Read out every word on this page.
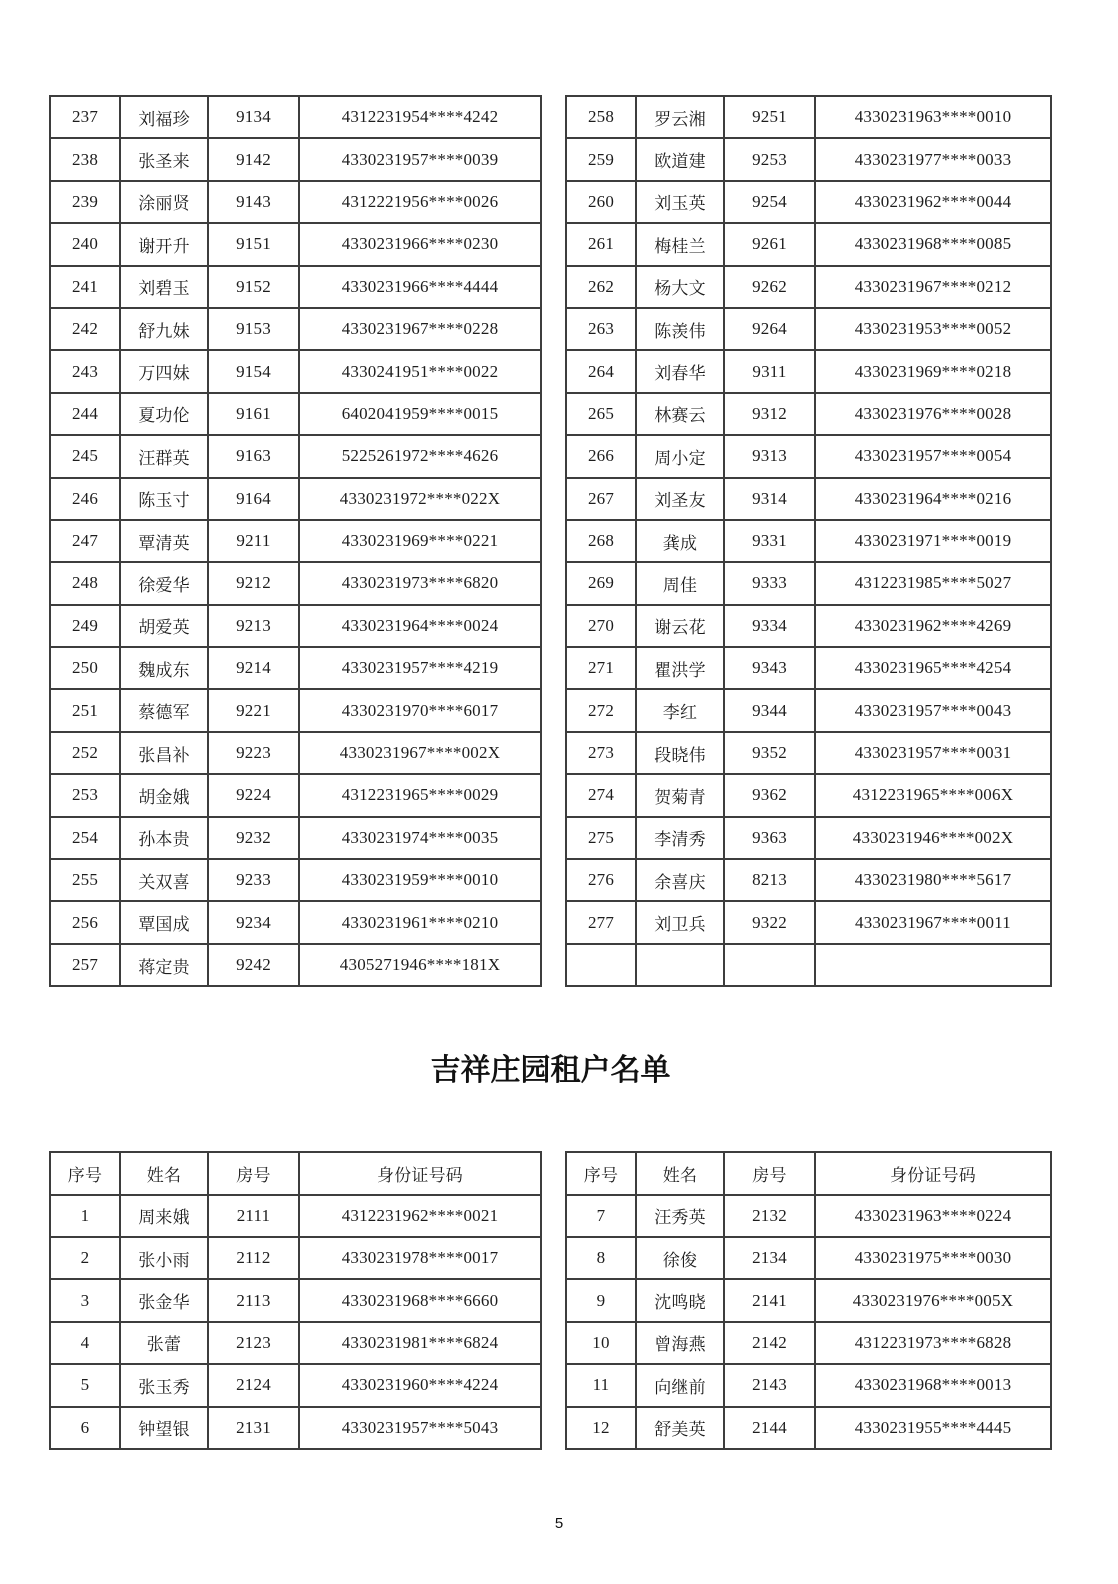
237	刘福珍	9134	4312231954****4242
238	张圣来	9142	4330231957****0039
239	涂丽贤	9143	4312221956****0026
240	谢开升	9151	4330231966****0230
241	刘碧玉	9152	4330231966****4444
242	舒九妹	9153	4330231967****0228
243	万四妹	9154	4330241951****0022
244	夏功伦	9161	6402041959****0015
245	汪群英	9163	5225261972****4626
246	陈玉寸	9164	4330231972****022X
247	覃清英	9211	4330231969****0221
248	徐爱华	9212	4330231973****6820
249	胡爱英	9213	4330231964****0024
250	魏成东	9214	4330231957****4219
251	蔡德军	9221	4330231970****6017
252	张昌补	9223	4330231967****002X
253	胡金娥	9224	4312231965****0029
254	孙本贵	9232	4330231974****0035
255	关双喜	9233	4330231959****0010
256	覃国成	9234	4330231961****0210
257	蒋定贵	9242	4305271946****181X
258	罗云湘	9251	4330231963****0010
259	欧道建	9253	4330231977****0033
260	刘玉英	9254	4330231962****0044
261	梅桂兰	9261	4330231968****0085
262	杨大文	9262	4330231967****0212
263	陈羡伟	9264	4330231953****0052
264	刘春华	9311	4330231969****0218
265	林赛云	9312	4330231976****0028
266	周小定	9313	4330231957****0054
267	刘圣友	9314	4330231964****0216
268	龚成	9331	4330231971****0019
269	周佳	9333	4312231985****5027
270	谢云花	9334	4330231962****4269
271	瞿洪学	9343	4330231965****4254
272	李红	9344	4330231957****0043
273	段晓伟	9352	4330231957****0031
274	贺菊青	9362	4312231965****006X
275	李清秀	9363	4330231946****002X
276	余喜庆	8213	4330231980****5617
277	刘卫兵	9322	4330231967****0011

吉祥庄园租户名单
序号	姓名	房号	身份证号码
1	周来娥	2111	4312231962****0021
2	张小雨	2112	4330231978****0017
3	张金华	2113	4330231968****6660
4	张蕾	2123	4330231981****6824
5	张玉秀	2124	4330231960****4224
6	钟望银	2131	4330231957****5043
序号	姓名	房号	身份证号码
7	汪秀英	2132	4330231963****0224
8	徐俊	2134	4330231975****0030
9	沈鸣晓	2141	4330231976****005X
10	曾海燕	2142	4312231973****6828
11	向继前	2143	4330231968****0013
12	舒美英	2144	4330231955****4445
5
